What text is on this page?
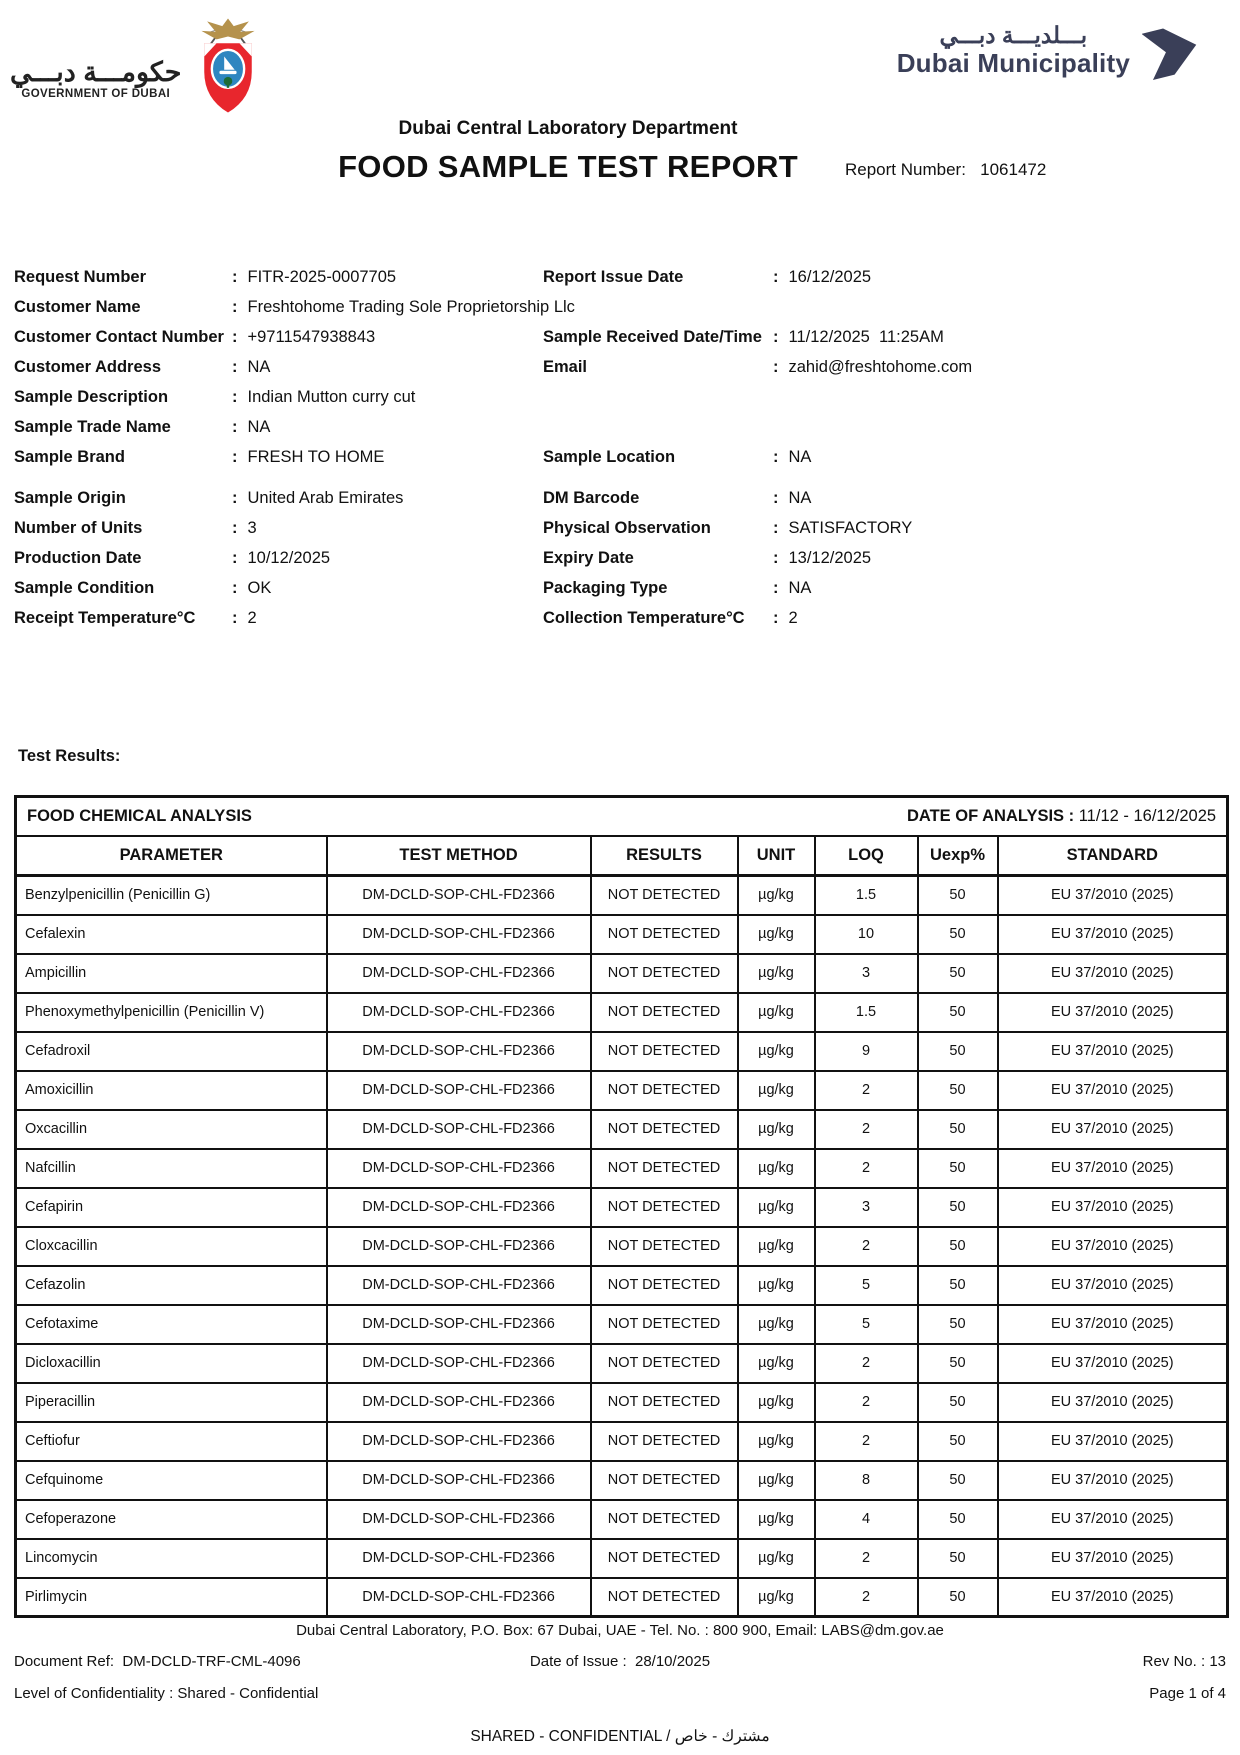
حكومـــة دبـــي
GOVERNMENT OF DUBAI
بـــلديـــة دبـــي
Dubai Municipality
Dubai Central Laboratory Department
FOOD SAMPLE TEST REPORT	Report Number: 1061472
Request Number	: FITR-2025-0007705	Report Issue Date	: 16/12/2025
Customer Name	: Freshtohome Trading Sole Proprietorship Llc
Customer Contact Number : +9711547938843	Sample Received Date/Time : 11/12/2025  11:25AM
Customer Address	: NA	Email	: zahid@freshtohome.com
Sample Description	: Indian Mutton curry cut
Sample Trade Name	: NA
Sample Brand	: FRESH TO HOME	Sample Location	: NA
Sample Origin	: United Arab Emirates	DM Barcode	: NA
Number of Units	: 3	Physical Observation	: SATISFACTORY
Production Date	: 10/12/2025	Expiry Date	: 13/12/2025
Sample Condition	: OK	Packaging Type	: NA
Receipt Temperature°C	: 2	Collection Temperature°C	: 2
Test Results:
FOOD CHEMICAL ANALYSIS DATE OF ANALYSIS : 11/12 - 16/12/2025						

PARAMETER	TEST METHOD	RESULTS	UNIT	LOQ	Uexp%	STANDARD
Benzylpenicillin (Penicillin G)	DM-DCLD-SOP-CHL-FD2366	NOT DETECTED	µg/kg	1.5	50	EU 37/2010 (2025)
Cefalexin	DM-DCLD-SOP-CHL-FD2366	NOT DETECTED	µg/kg	10	50	EU 37/2010 (2025)
Ampicillin	DM-DCLD-SOP-CHL-FD2366	NOT DETECTED	µg/kg	3	50	EU 37/2010 (2025)
Phenoxymethylpenicillin (Penicillin V)	DM-DCLD-SOP-CHL-FD2366	NOT DETECTED	µg/kg	1.5	50	EU 37/2010 (2025)
Cefadroxil	DM-DCLD-SOP-CHL-FD2366	NOT DETECTED	µg/kg	9	50	EU 37/2010 (2025)
Amoxicillin	DM-DCLD-SOP-CHL-FD2366	NOT DETECTED	µg/kg	2	50	EU 37/2010 (2025)
Oxcacillin	DM-DCLD-SOP-CHL-FD2366	NOT DETECTED	µg/kg	2	50	EU 37/2010 (2025)
Nafcillin	DM-DCLD-SOP-CHL-FD2366	NOT DETECTED	µg/kg	2	50	EU 37/2010 (2025)
Cefapirin	DM-DCLD-SOP-CHL-FD2366	NOT DETECTED	µg/kg	3	50	EU 37/2010 (2025)
Cloxcacillin	DM-DCLD-SOP-CHL-FD2366	NOT DETECTED	µg/kg	2	50	EU 37/2010 (2025)
Cefazolin	DM-DCLD-SOP-CHL-FD2366	NOT DETECTED	µg/kg	5	50	EU 37/2010 (2025)
Cefotaxime	DM-DCLD-SOP-CHL-FD2366	NOT DETECTED	µg/kg	5	50	EU 37/2010 (2025)
Dicloxacillin	DM-DCLD-SOP-CHL-FD2366	NOT DETECTED	µg/kg	2	50	EU 37/2010 (2025)
Piperacillin	DM-DCLD-SOP-CHL-FD2366	NOT DETECTED	µg/kg	2	50	EU 37/2010 (2025)
Ceftiofur	DM-DCLD-SOP-CHL-FD2366	NOT DETECTED	µg/kg	2	50	EU 37/2010 (2025)
Cefquinome	DM-DCLD-SOP-CHL-FD2366	NOT DETECTED	µg/kg	8	50	EU 37/2010 (2025)
Cefoperazone	DM-DCLD-SOP-CHL-FD2366	NOT DETECTED	µg/kg	4	50	EU 37/2010 (2025)
Lincomycin	DM-DCLD-SOP-CHL-FD2366	NOT DETECTED	µg/kg	2	50	EU 37/2010 (2025)
Pirlimycin	DM-DCLD-SOP-CHL-FD2366	NOT DETECTED	µg/kg	2	50	EU 37/2010 (2025)
Dubai Central Laboratory, P.O. Box: 67 Dubai, UAE - Tel. No. : 800 900, Email: LABS@dm.gov.ae
Document Ref: DM-DCLD-TRF-CML-4096	Date of Issue : 28/10/2025	Rev No. : 13
Level of Confidentiality : Shared - Confidential	Page 1 of 4
SHARED - CONFIDENTIAL / مشترك - خاص
